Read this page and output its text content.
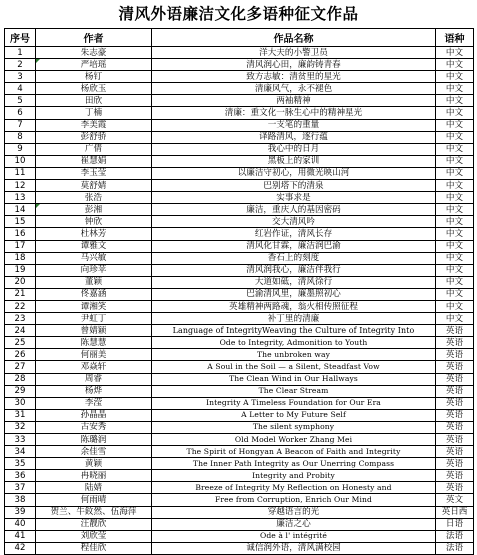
清风外语廉洁文化多语种征文作品
序号	作者	作品名称	语种
1	朱志豪	洋大夫的小警卫员	中文
2	严培瑶	清风润心田，廉韵铸青春	中文
3	杨钉	致方志敏：清贫里的星光	中文
4	杨欣玉	清廉风气，永不褪色	中文
5	田欣	两袖精神	中文
6	丁楠	清廉：重文化一脉生心中的精神星光	中文
7	李美霞	一支笔的重量	中文
8	彭舒骄	译路清风，逐行蕴	中文
9	广倩	我心中的日月	中文
10	崔慧娟	黑板上的家训	中文
11	李玉莹	以廉洁守初心，用微光映山河	中文
12	莫舒婧	巴别塔下的清泉	中文
13	张浩	实事求是	中文
14	彭湘	廉洁，重庆人的基因密码	中文
15	钟欣	交大清风吟	中文
16	杜林芳	红岩作证，清风长存	中文
17	谭雅文	清风化甘霖，廉洁润巴渝	中文
18	马兴敏	香石上的刻度	中文
19	向珍苹	清风润我心，廉洁伴我行	中文
20	董颖	大道如砥，清风徐行	中文
21	佟嘉涵	巴渝清风里，廉墨照初心	中文
22	谭湘笑	英雄精神两路魂，翁火相传照征程	中文
23	尹虹丁	补丁里的清廉	中文
24	曾婧颖	Language of IntegrityWeaving the Culture of Integrity Into	英语
25	陈慧慧	Ode to Integrity, Admonition to Youth	英语
26	何丽美	The unbroken way	英语
27	邓焱轩	A Soul in the Soil — a Silent, Steadfast Vow	英语
28	周睿	The Clean Wind in Our Hallways	英语
29	杨烨	The Clear Stream	英语
30	李滢	Integrity A Timeless Foundation for Our Era	英语
31	孙晶晶	A Letter to My Future Self	英语
32	古安秀	The silent symphony	英语
33	陈璐润	Old Model Worker Zhang Mei	英语
34	余佳雪	The Spirit of Hongyan A Beacon of Faith and Integrity	英语
35	黄颖	The Inner Path Integrity as Our Unerring Compass	英语
36	冉晓丽	Integrity and Probity	英语
37	陆婧	Breeze of Integrity My Reflection on Honesty and	英语
38	何雨晴	Free from Corruption, Enrich Our Mind	英文
39	贺兰、牛鈫然、伍海萍	穿越语言的光	英日西
40	汪靓欣	廉洁之心	日语
41	刘欣莹	Ode à l' intégrité	法语
42	程佳欣	诚信润外语，清风满校园	法语
